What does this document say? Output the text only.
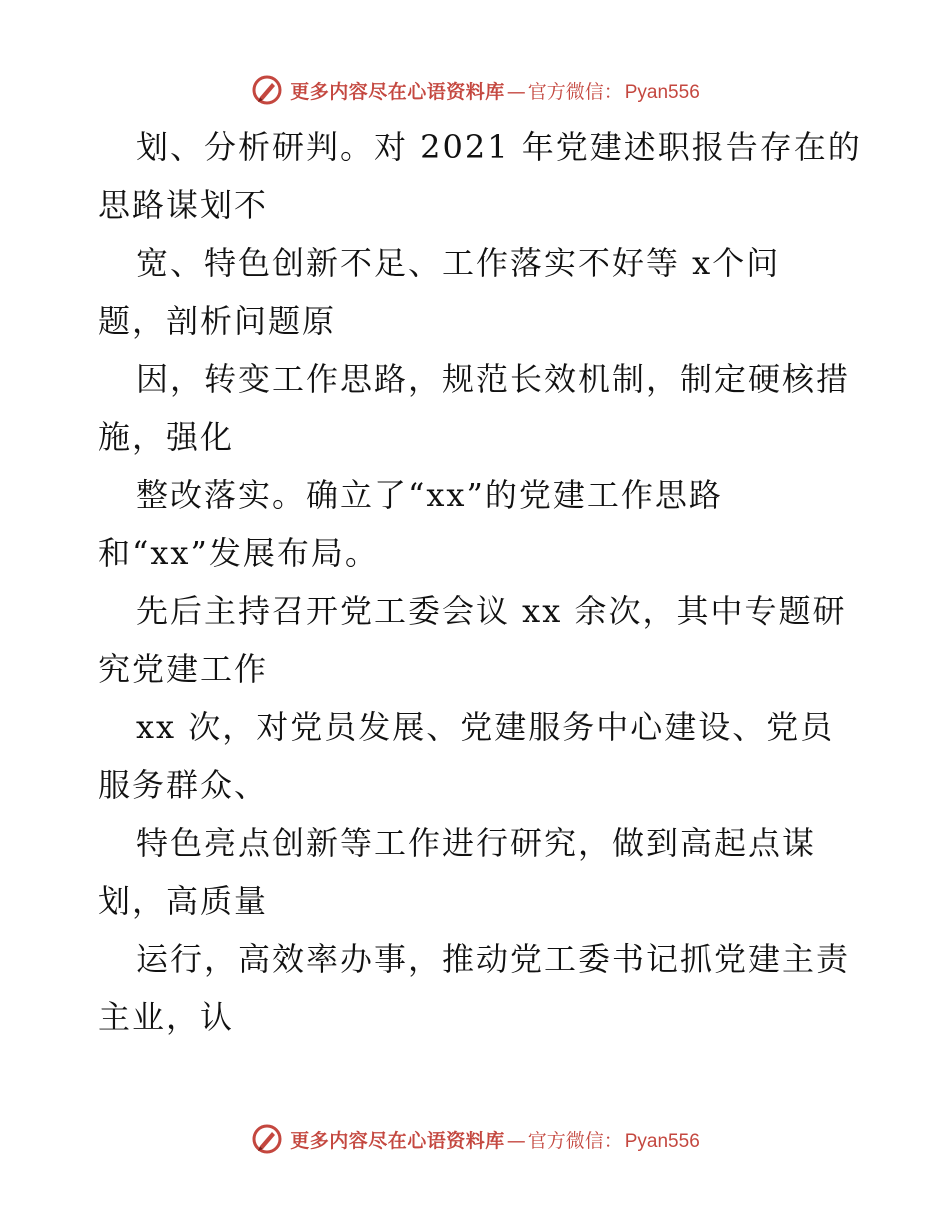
更多内容尽在心语资料库 — 官方微信： Pyan556
划、分析研判。对 2021 年党建述职报告存在的
思路谋划不
宽、特色创新不足、工作落实不好等 x个问
题，剖析问题原
因，转变工作思路，规范长效机制，制定硬核措
施，强化
整改落实。确立了“xx”的党建工作思路
和“xx”发展布局。
先后主持召开党工委会议 xx 余次，其中专题研
究党建工作
xx 次，对党员发展、党建服务中心建设、党员
服务群众、
特色亮点创新等工作进行研究，做到高起点谋
划，高质量
运行，高效率办事，推动党工委书记抓党建主责
主业，认
更多内容尽在心语资料库 — 官方微信： Pyan556
